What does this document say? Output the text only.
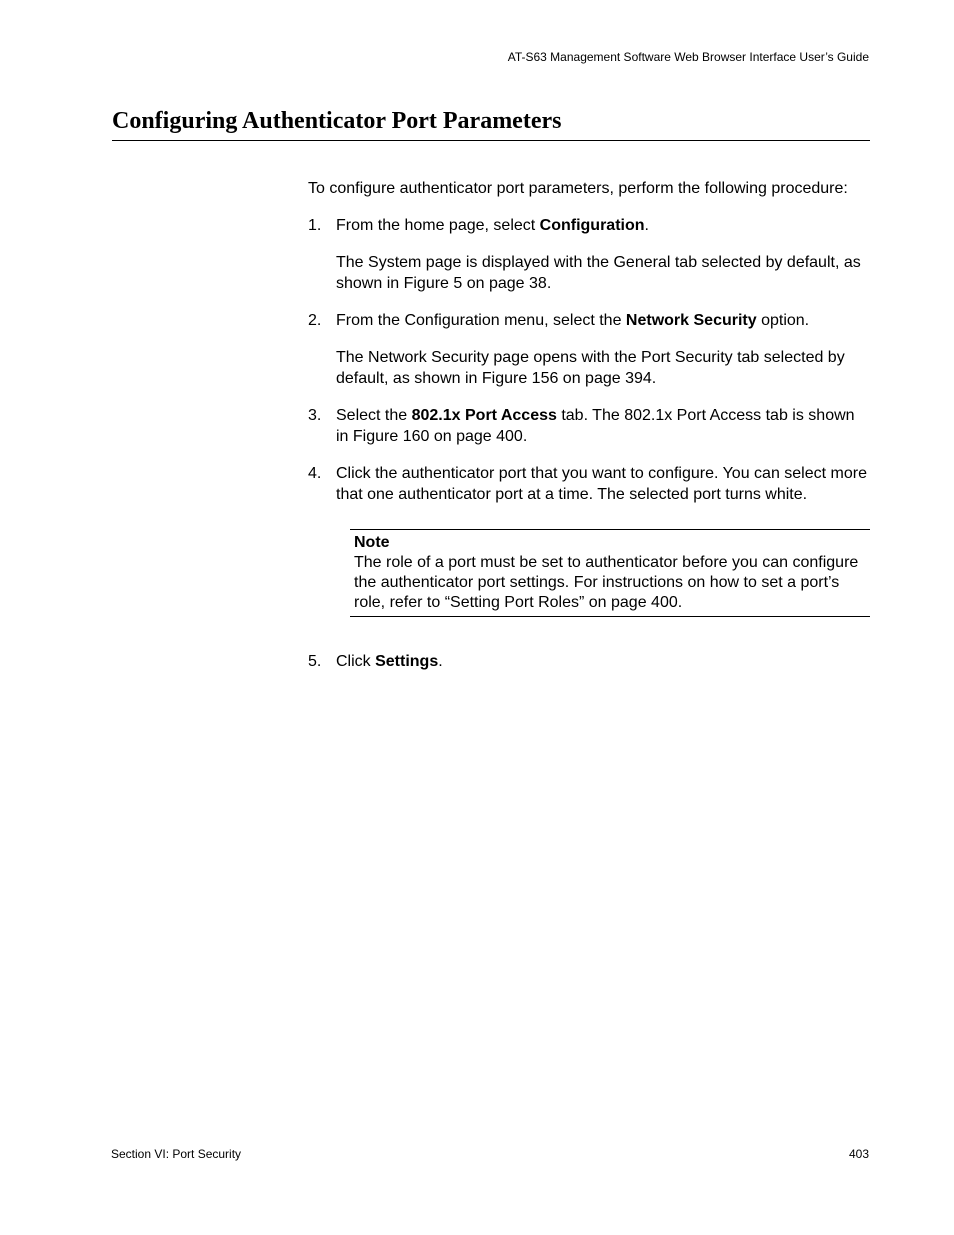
AT-S63 Management Software Web Browser Interface User’s Guide
Configuring Authenticator Port Parameters

To configure authenticator port parameters, perform the following procedure:

1. From the home page, select Configuration.

The System page is displayed with the General tab selected by default, as shown in Figure 5 on page 38.

2. From the Configuration menu, select the Network Security option.

The Network Security page opens with the Port Security tab selected by default, as shown in Figure 156 on page 394.

3. Select the 802.1x Port Access tab. The 802.1x Port Access tab is shown in Figure 160 on page 400.
4. Click the authenticator port that you want to configure. You can select more that one authenticator port at a time. The selected port turns white.

Note

The role of a port must be set to authenticator before you can configure the authenticator port settings. For instructions on how to set a port’s role, refer to “Setting Port Roles” on page 400.

5. Click Settings.
Section VI: Port Security	403
